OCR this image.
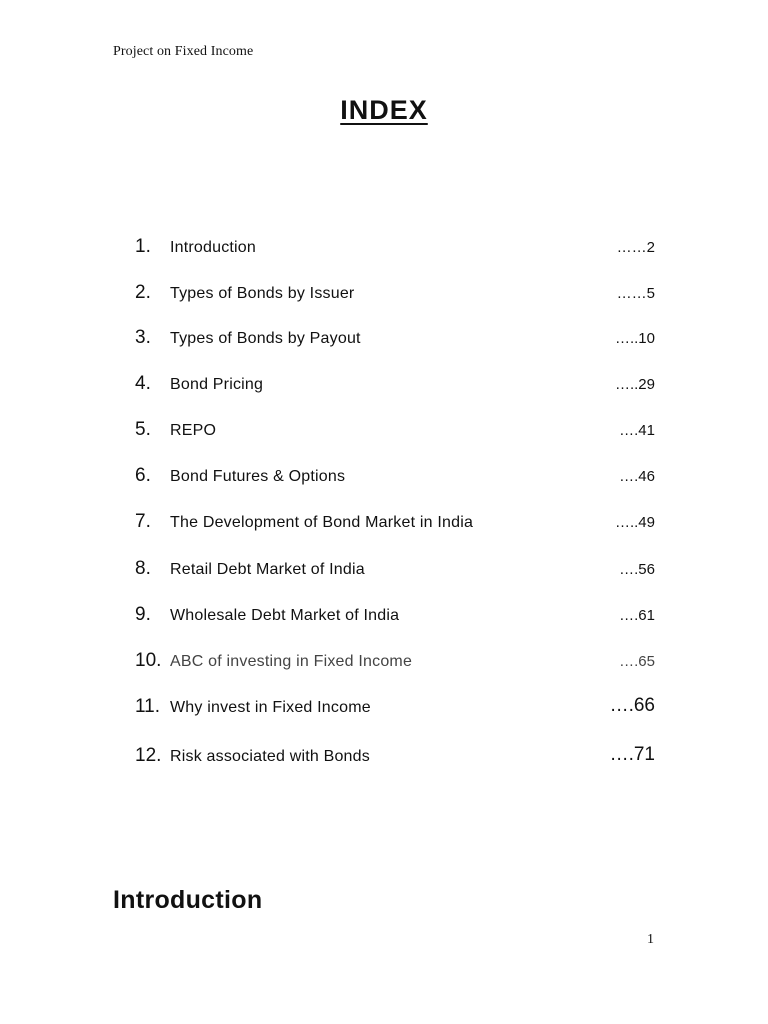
Project on Fixed Income
INDEX
1. Introduction	……2
2. Types of Bonds by Issuer	……5
3. Types of Bonds by Payout	…..10
4. Bond Pricing	…..29
5. REPO	….41
6. Bond Futures & Options	….46
7. The Development of Bond Market in India	…..49
8. Retail Debt Market of India	….56
9. Wholesale Debt Market of India	….61
10. ABC of investing in Fixed Income	….65
11. Why invest in Fixed Income	….66
12. Risk associated with Bonds	….71
Introduction
1
